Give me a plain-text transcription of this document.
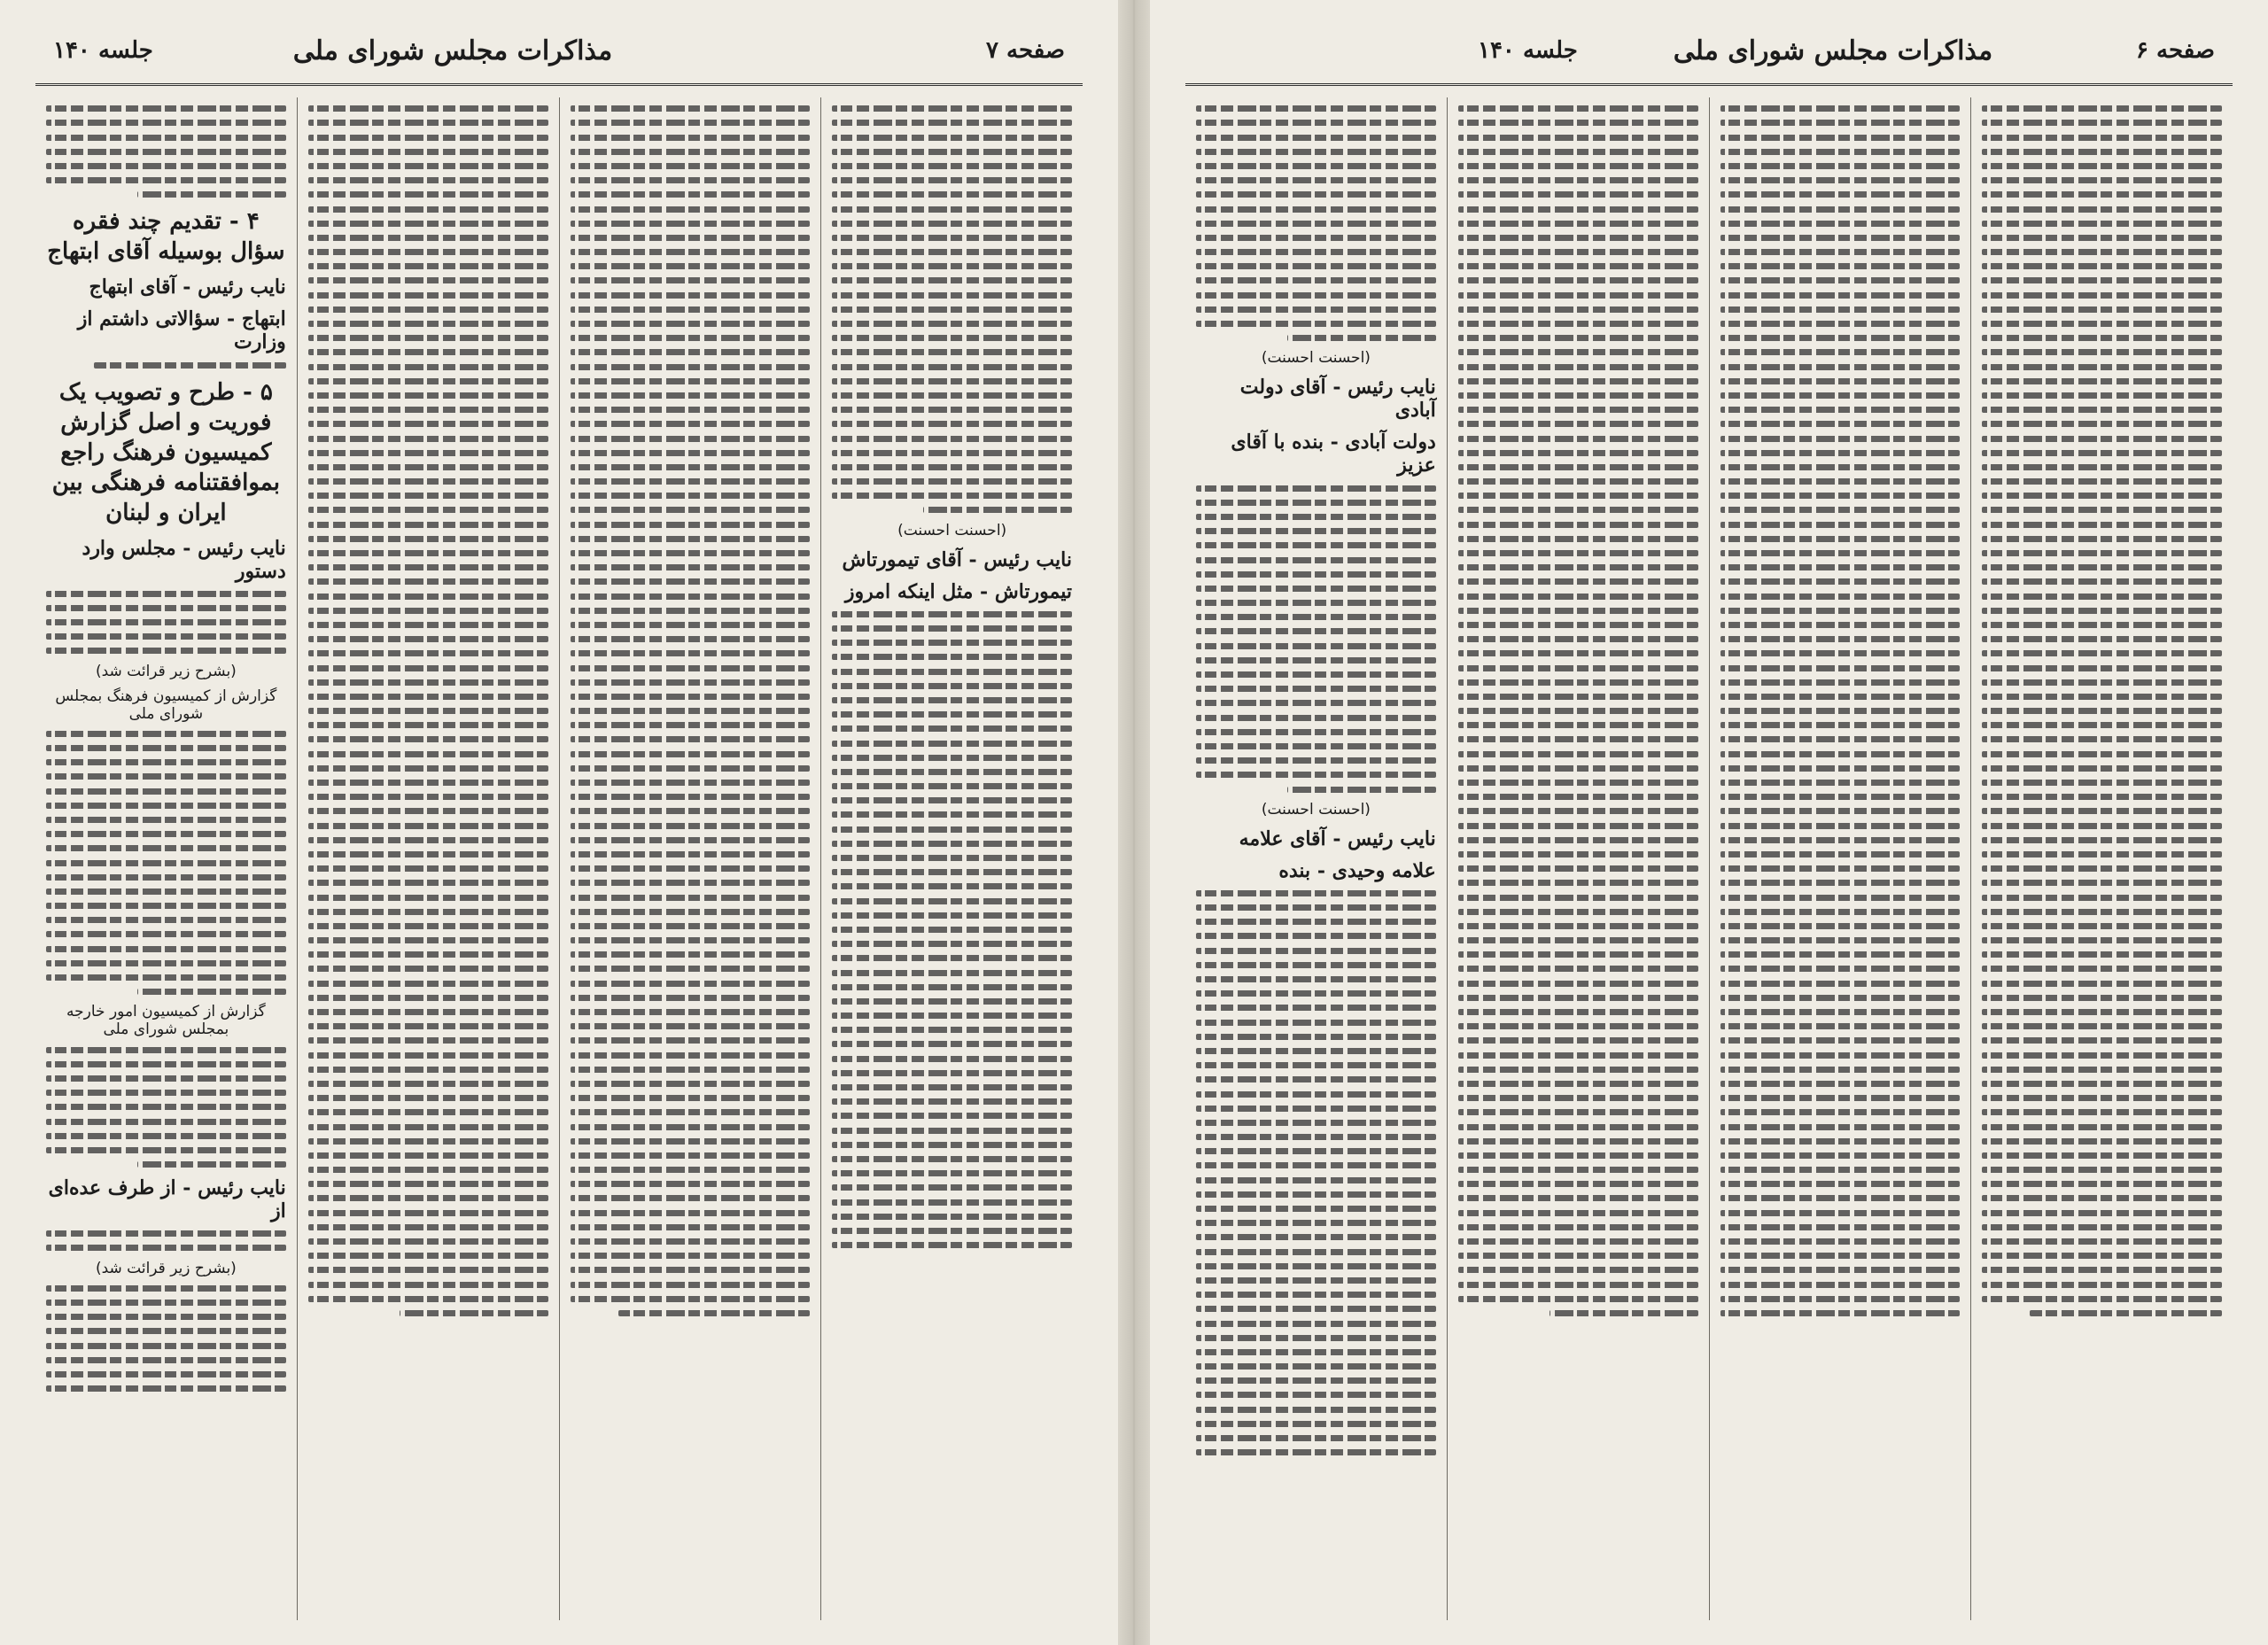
جلسه ۱۴۰	مذاکرات مجلس شورای ملی	صفحه ۷
(احسنت احسنت)
نایب رئیس - آقای تیمورتاش
تیمورتاش - مثل اینکه امروز
۴ - تقدیم چند فقره سؤال بوسیله آقای ابتهاج
نایب رئیس - آقای ابتهاج
ابتهاج - سؤالاتی داشتم از وزارت
۵ - طرح و تصویب یک فوریت و اصل گزارش کمیسیون فرهنگ راجع بموافقتنامه فرهنگی بین ایران و لبنان
نایب رئیس - مجلس وارد دستور
(بشرح زیر قرائت شد)
گزارش از کمیسیون فرهنگ بمجلس شورای ملی
گزارش از کمیسیون امور خارجه بمجلس شورای ملی
نایب رئیس - از طرف عده‌ای از
(بشرح زیر قرائت شد)
جلسه ۱۴۰	مذاکرات مجلس شورای ملی	صفحه ۶
(احسنت احسنت)
نایب رئیس - آقای دولت آبادی
دولت آبادی - بنده با آقای عزیز
(احسنت احسنت)
نایب رئیس - آقای علامه
علامه وحیدی - بنده
